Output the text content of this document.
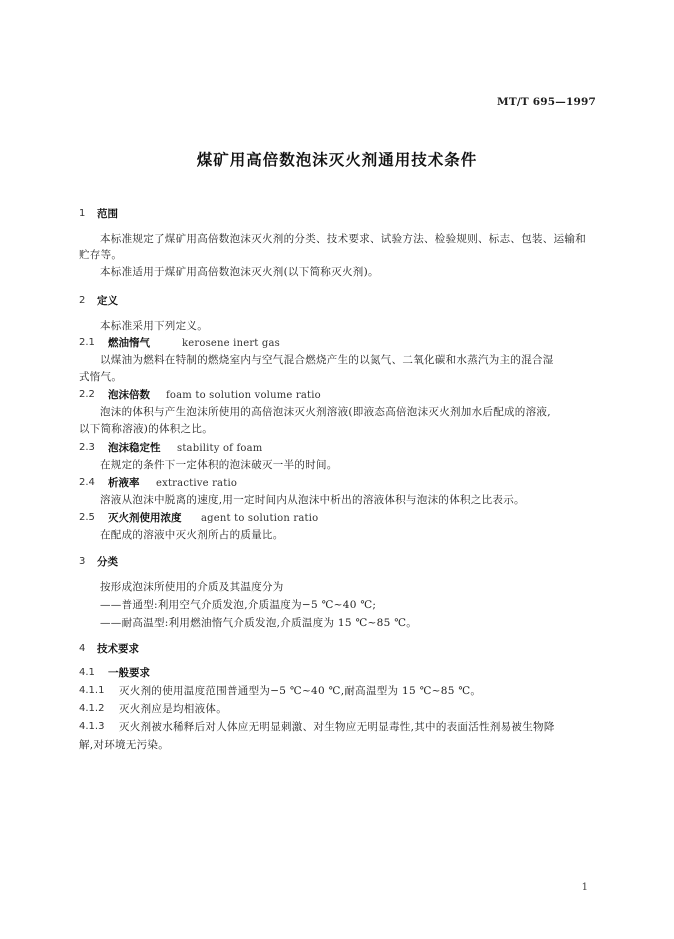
MT/T 695—1997
煤矿用高倍数泡沫灭火剂通用技术条件
1 范围
本标准规定了煤矿用高倍数泡沫灭火剂的分类、技术要求、试验方法、检验规则、标志、包装、运输和
贮存等。
本标准适用于煤矿用高倍数泡沫灭火剂(以下简称灭火剂)。
2 定义
本标准采用下列定义。
2.1 燃油惰气	kerosene inert gas
以煤油为燃料在特制的燃烧室内与空气混合燃烧产生的以氮气、二氧化碳和水蒸汽为主的混合湿
式惰气。
2.2 泡沫倍数 foam to solution volume ratio
泡沫的体积与产生泡沫所使用的高倍泡沫灭火剂溶液(即液态高倍泡沫灭火剂加水后配成的溶液,
以下简称溶液)的体积之比。
2.3 泡沫稳定性 stability of foam
在规定的条件下一定体积的泡沫破灭一半的时间。
2.4 析液率 extractive ratio
溶液从泡沫中脱离的速度,用一定时间内从泡沫中析出的溶液体积与泡沫的体积之比表示。
2.5 灭火剂使用浓度 agent to solution ratio
在配成的溶液中灭火剂所占的质量比。
3 分类
按形成泡沫所使用的介质及其温度分为
——普通型:利用空气介质发泡,介质温度为−5 ℃~40 ℃;
——耐高温型:利用燃油惰气介质发泡,介质温度为 15 ℃~85 ℃。
4 技术要求
4.1 一般要求
4.1.1 灭火剂的使用温度范围普通型为−5 ℃~40 ℃,耐高温型为 15 ℃~85 ℃。
4.1.2 灭火剂应是均相液体。
4.1.3 灭火剂被水稀释后对人体应无明显刺激、对生物应无明显毒性,其中的表面活性剂易被生物降
解,对环境无污染。
1
